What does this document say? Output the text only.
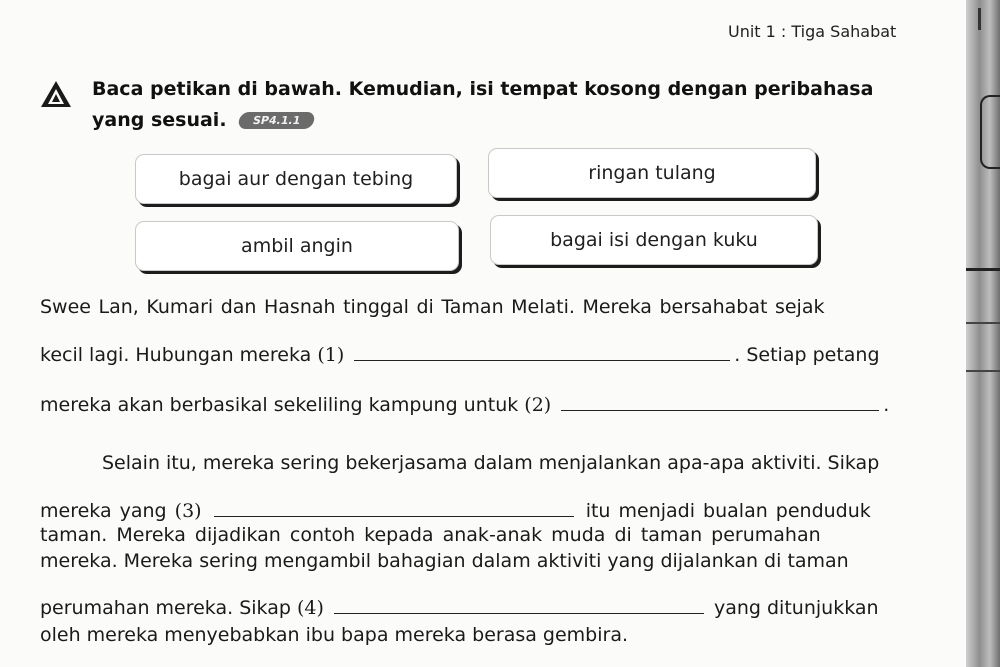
Unit 1 : Tiga Sahabat
Baca petikan di bawah. Kemudian, isi tempat kosong dengan peribahasa
yang sesuai. SP4.1.1
bagai aur dengan tebing	ringan tulang
ambil angin	bagai isi dengan kuku
Swee Lan, Kumari dan Hasnah tinggal di Taman Melati. Mereka bersahabat sejak
kecil lagi. Hubungan mereka (1)	. Setiap petang
mereka akan berbasikal sekeliling kampung untuk (2)	.
Selain itu, mereka sering bekerjasama dalam menjalankan apa-apa aktiviti. Sikap
mereka yang (3)	itu menjadi bualan penduduk
taman. Mereka dijadikan contoh kepada anak-anak muda di taman perumahan
mereka. Mereka sering mengambil bahagian dalam aktiviti yang dijalankan di taman
perumahan mereka. Sikap (4)	yang ditunjukkan
oleh mereka menyebabkan ibu bapa mereka berasa gembira.
